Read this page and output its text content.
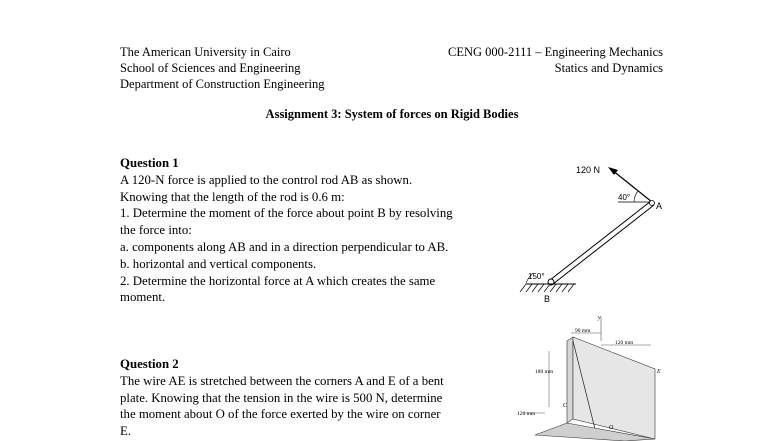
The American University in Cairo
School of Sciences and Engineering
Department of Construction Engineering
CENG 000-2111 – Engineering Mechanics
Statics and Dynamics
Assignment 3: System of forces on Rigid Bodies
Question 1
A 120-N force is applied to the control rod AB as shown.
Knowing that the length of the rod is 0.6 m:
1. Determine the moment of the force about point B by resolving
the force into:
a. components along AB and in a direction perpendicular to AB.
b. horizontal and vertical components.
2. Determine the horizontal force at A which creates the same
moment.
Question 2
The wire AE is stretched between the corners A and E of a bent
plate. Knowing that the tension in the wire is 500 N, determine
the moment about O of the force exerted by the wire on corner
E.
120 N
40°
A
150°
B
y
90 mm
120 mm
E
180 mm
C
O
120 mm
